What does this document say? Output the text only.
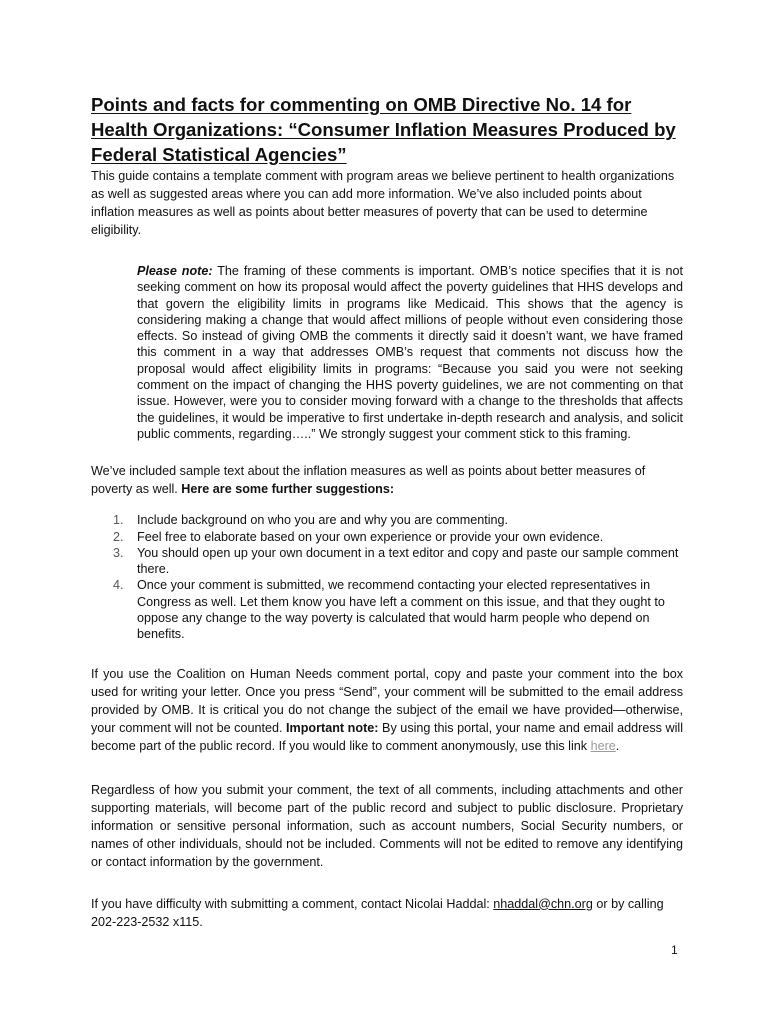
Points and facts for commenting on OMB Directive No. 14 for Health Organizations: “Consumer Inflation Measures Produced by Federal Statistical Agencies”

This guide contains a template comment with program areas we believe pertinent to health organizations as well as suggested areas where you can add more information. We’ve also included points about inflation measures as well as points about better measures of poverty that can be used to determine eligibility.

Please note: The framing of these comments is important. OMB’s notice specifies that it is not seeking comment on how its proposal would affect the poverty guidelines that HHS develops and that govern the eligibility limits in programs like Medicaid. This shows that the agency is considering making a change that would affect millions of people without even considering those effects. So instead of giving OMB the comments it directly said it doesn’t want, we have framed this comment in a way that addresses OMB’s request that comments not discuss how the proposal would affect eligibility limits in programs: “Because you said you were not seeking comment on the impact of changing the HHS poverty guidelines, we are not commenting on that issue. However, were you to consider moving forward with a change to the thresholds that affects the guidelines, it would be imperative to first undertake in-depth research and analysis, and solicit public comments, regarding…..” We strongly suggest your comment stick to this framing.

We’ve included sample text about the inflation measures as well as points about better measures of poverty as well. Here are some further suggestions:

1. Include background on who you are and why you are commenting.
2. Feel free to elaborate based on your own experience or provide your own evidence.
3. You should open up your own document in a text editor and copy and paste our sample comment there.
4. Once your comment is submitted, we recommend contacting your elected representatives in Congress as well. Let them know you have left a comment on this issue, and that they ought to oppose any change to the way poverty is calculated that would harm people who depend on benefits.

If you use the Coalition on Human Needs comment portal, copy and paste your comment into the box used for writing your letter. Once you press “Send”, your comment will be submitted to the email address provided by OMB. It is critical you do not change the subject of the email we have provided—otherwise, your comment will not be counted. Important note: By using this portal, your name and email address will become part of the public record. If you would like to comment anonymously, use this link here.

Regardless of how you submit your comment, the text of all comments, including attachments and other supporting materials, will become part of the public record and subject to public disclosure. Proprietary information or sensitive personal information, such as account numbers, Social Security numbers, or names of other individuals, should not be included. Comments will not be edited to remove any identifying or contact information by the government.

If you have difficulty with submitting a comment, contact Nicolai Haddal: nhaddal@chn.org or by calling 202-223-2532 x115.

1
